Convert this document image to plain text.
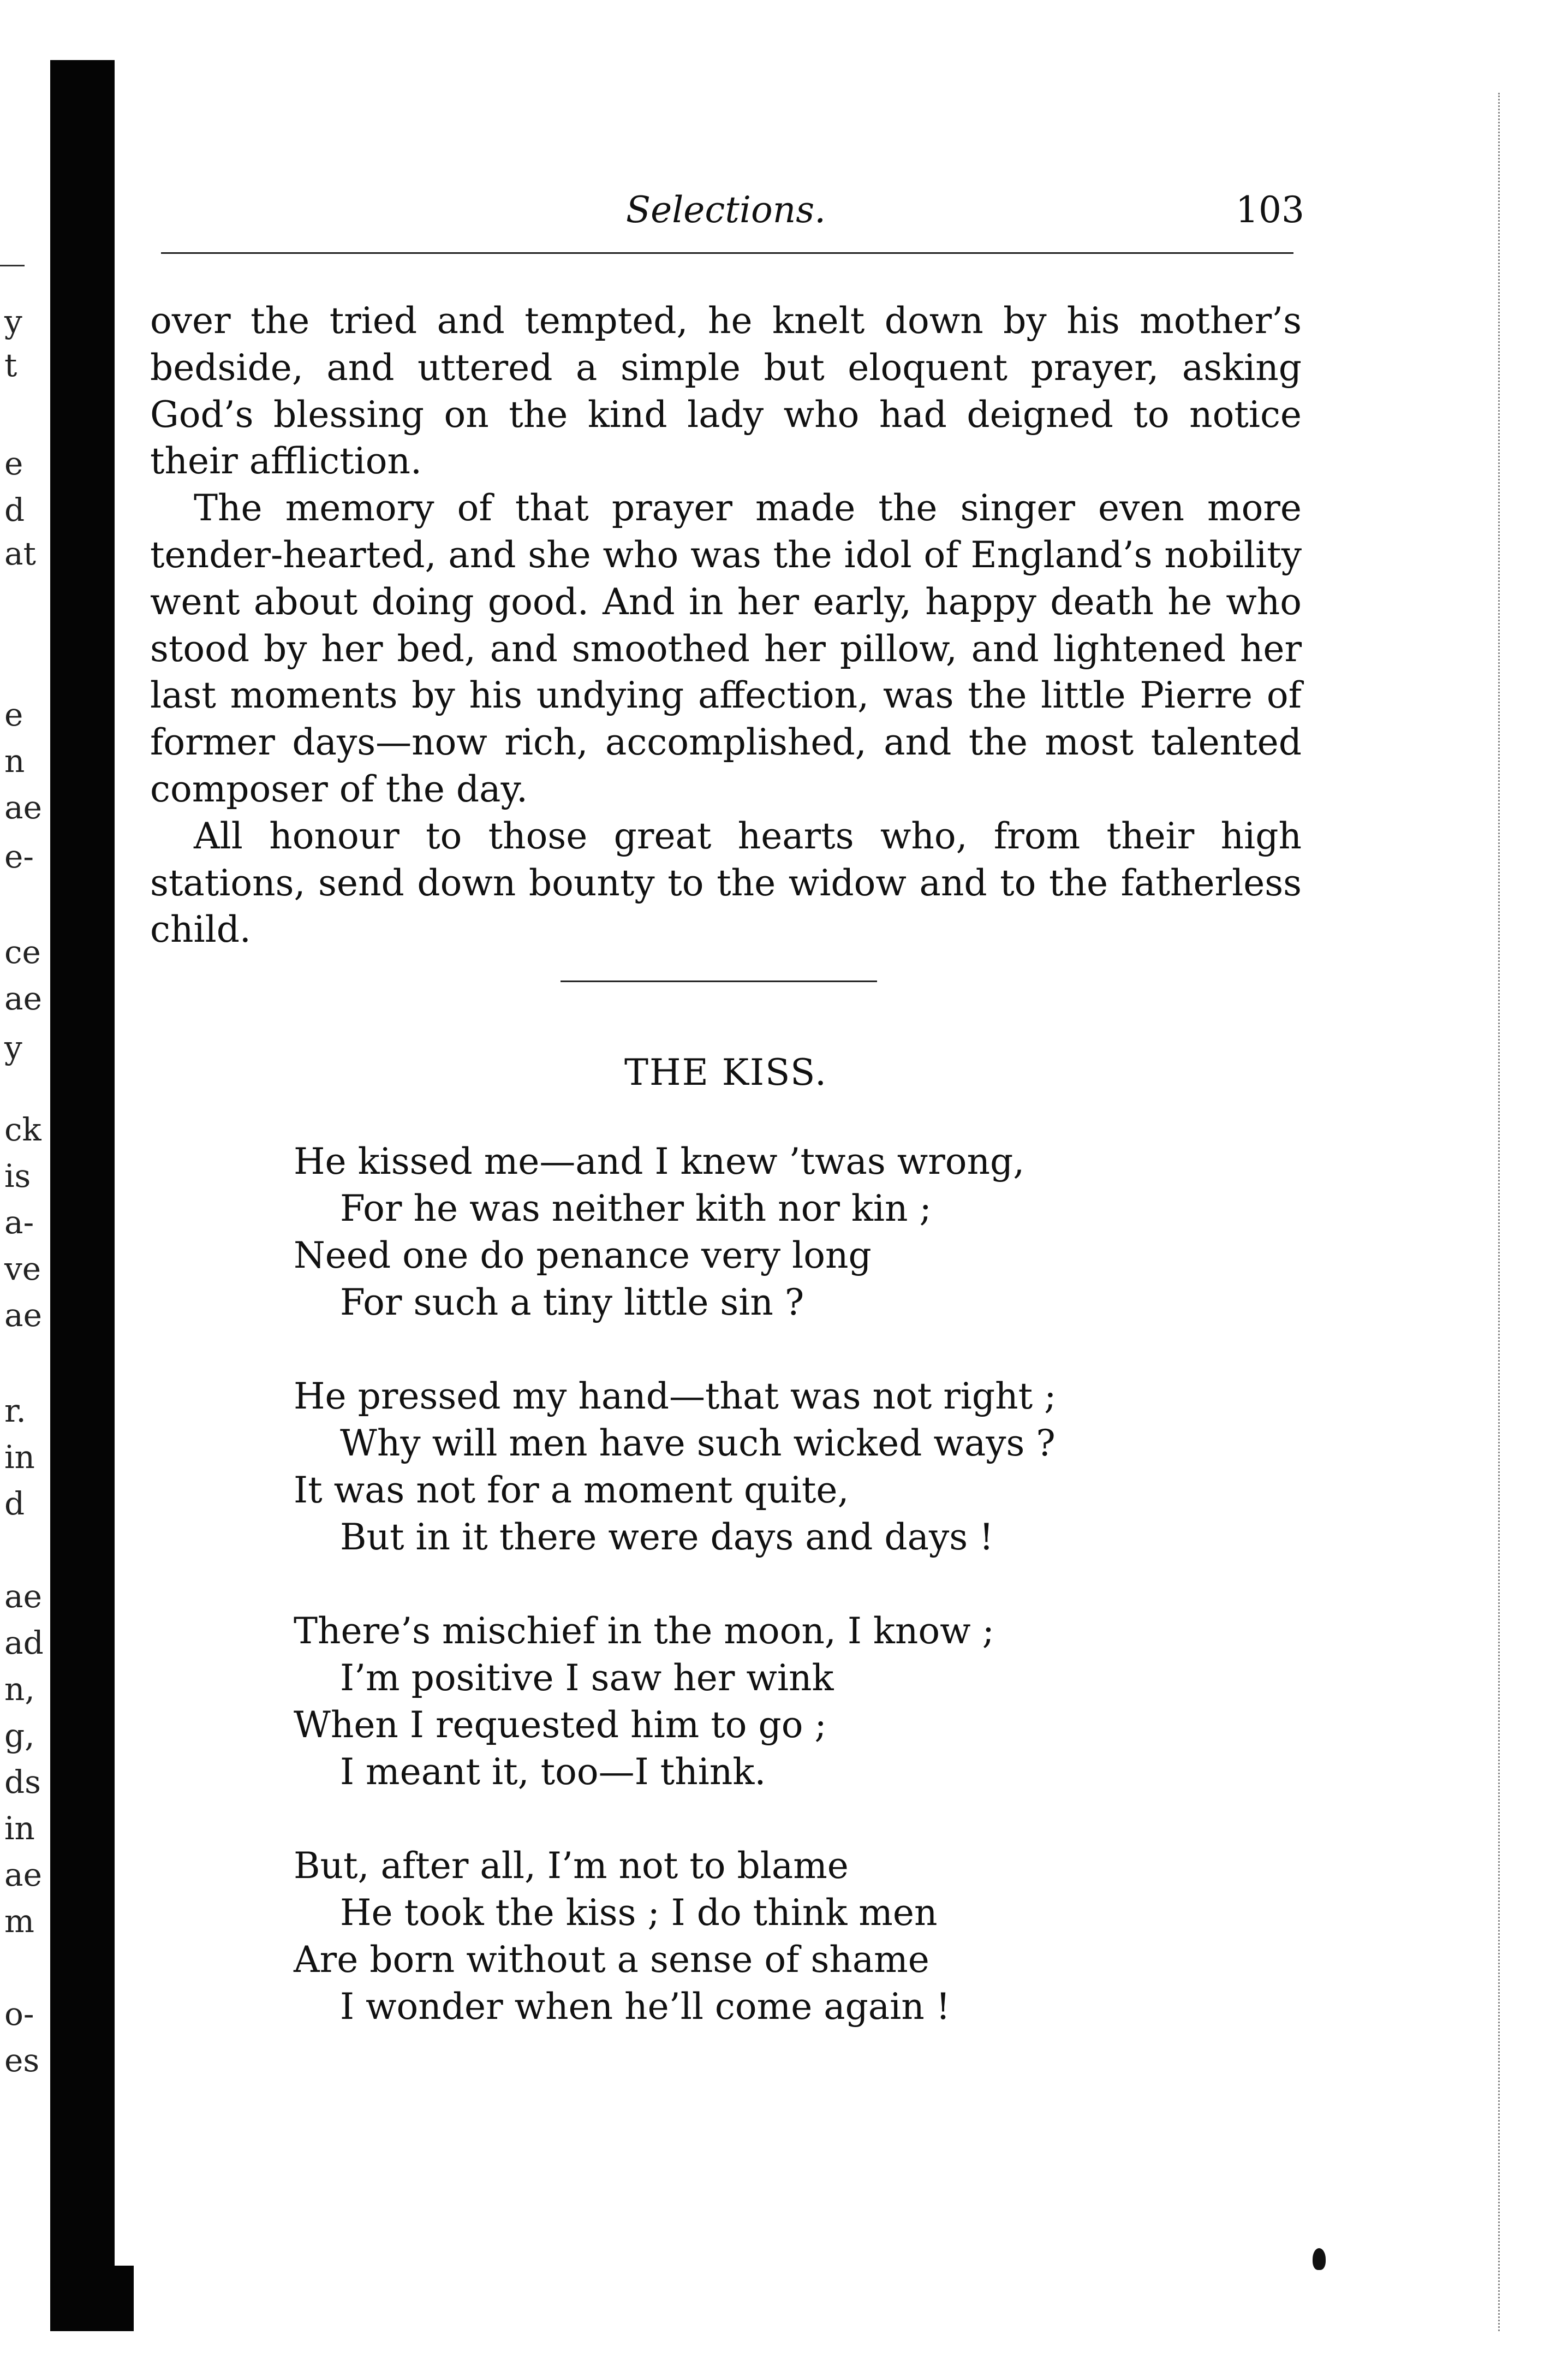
y
t
e
d
at
e
n
ae
e-
ce
ae
y
ck
is
a-
ve
ae
r.
in
d
ae
ad
n,
g,
ds
in
ae
m
o-
es
Selections.	103

over the tried and tempted, he knelt down by his mother’s bedside, and uttered a simple but eloquent prayer, asking God’s blessing on the kind lady who had deigned to notice their affliction.

The memory of that prayer made the singer even more tender-hearted, and she who was the idol of England’s nobility went about doing good. And in her early, happy death he who stood by her bed, and smoothed her pillow, and lightened her last moments by his undying affection, was the little Pierre of former days—now rich, accomplished, and the most talented composer of the day.

All honour to those great hearts who, from their high stations, send down bounty to the widow and to the fatherless child.

THE KISS.
He kissed me—and I knew ’twas wrong,
For he was neither kith nor kin ;
Need one do penance very long
For such a tiny little sin ?
He pressed my hand—that was not right ;
Why will men have such wicked ways ?
It was not for a moment quite,
But in it there were days and days !
There’s mischief in the moon, I know ;
I’m positive I saw her wink
When I requested him to go ;
I meant it, too—I think.
But, after all, I’m not to blame
He took the kiss ; I do think men
Are born without a sense of shame
I wonder when he’ll come again !
